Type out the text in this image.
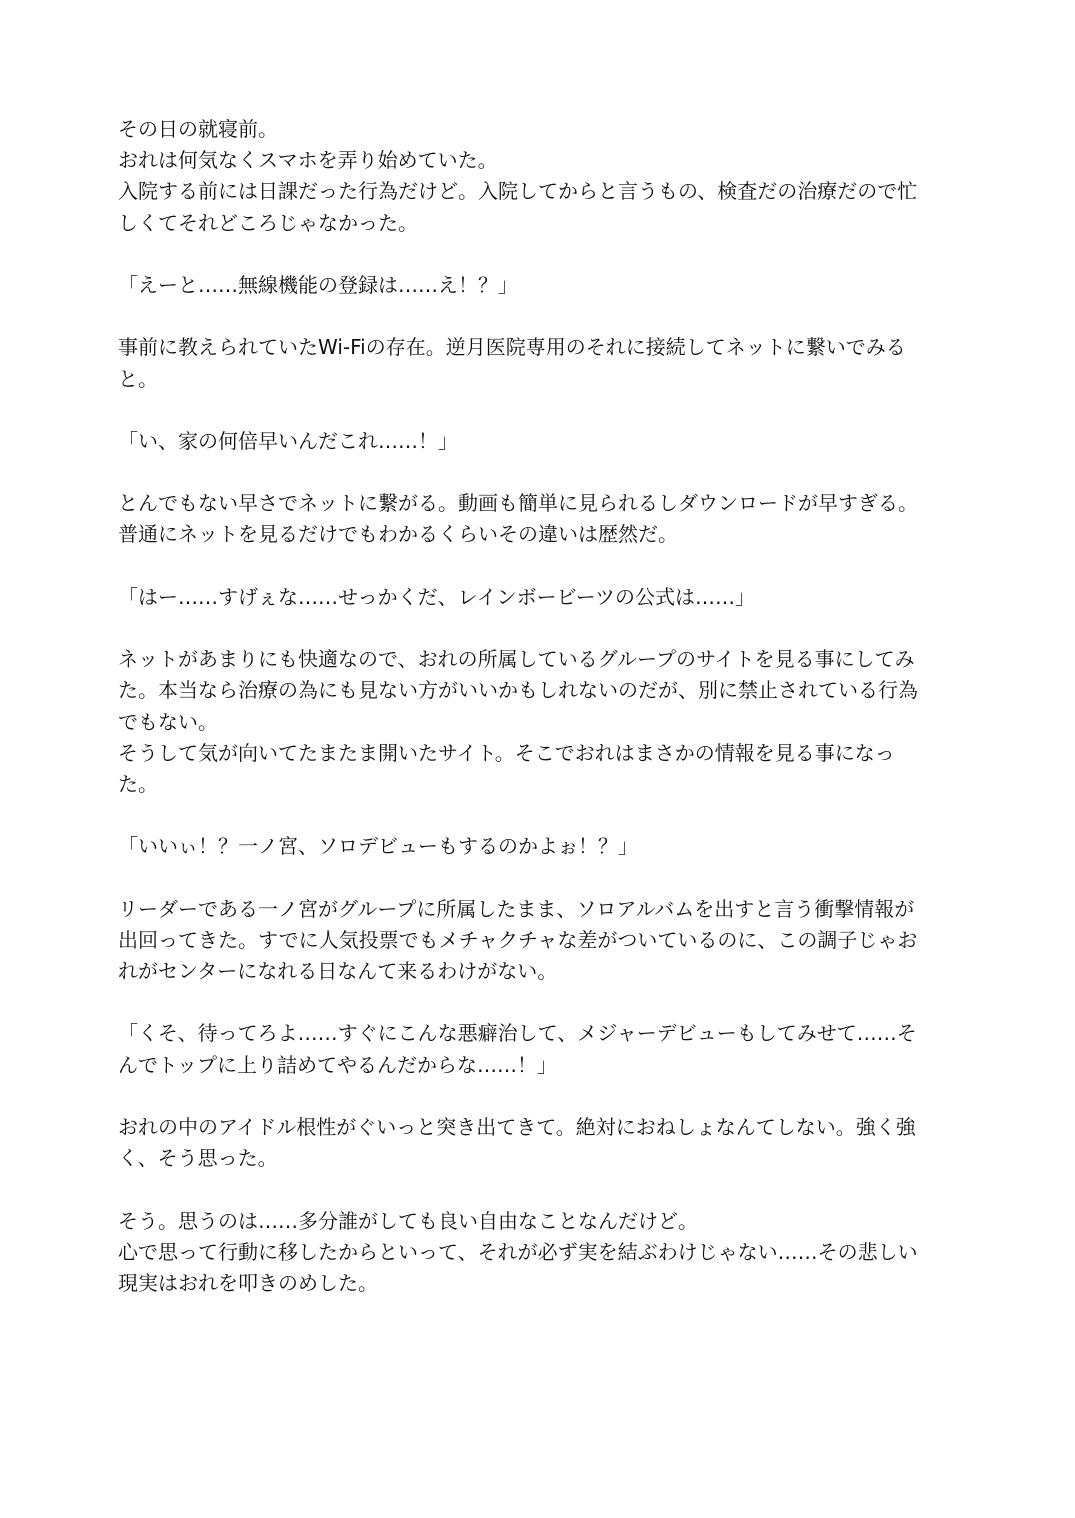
その日の就寝前。
おれは何気なくスマホを弄り始めていた。
入院する前には日課だった行為だけど。入院してからと言うもの、検査だの治療だので忙
しくてそれどころじゃなかった。
「えーと……無線機能の登録は……え！？」
事前に教えられていたWi-Fiの存在。逆月医院専用のそれに接続してネットに繋いでみる
と。
「い、家の何倍早いんだこれ……！」
とんでもない早さでネットに繋がる。動画も簡単に見られるしダウンロードが早すぎる。
普通にネットを見るだけでもわかるくらいその違いは歴然だ。
「はー……すげぇな……せっかくだ、レインボービーツの公式は……」
ネットがあまりにも快適なので、おれの所属しているグループのサイトを見る事にしてみ
た。本当なら治療の為にも見ない方がいいかもしれないのだが、別に禁止されている行為
でもない。
そうして気が向いてたまたま開いたサイト。そこでおれはまさかの情報を見る事になっ
た。
「いいぃ！？一ノ宮、ソロデビューもするのかよぉ！？」
リーダーである一ノ宮がグループに所属したまま、ソロアルバムを出すと言う衝撃情報が
出回ってきた。すでに人気投票でもメチャクチャな差がついているのに、この調子じゃお
れがセンターになれる日なんて来るわけがない。
「くそ、待ってろよ……すぐにこんな悪癖治して、メジャーデビューもしてみせて……そ
んでトップに上り詰めてやるんだからな……！」
おれの中のアイドル根性がぐいっと突き出てきて。絶対におねしょなんてしない。強く強
く、そう思った。
そう。思うのは……多分誰がしても良い自由なことなんだけど。
心で思って行動に移したからといって、それが必ず実を結ぶわけじゃない……その悲しい
現実はおれを叩きのめした。
